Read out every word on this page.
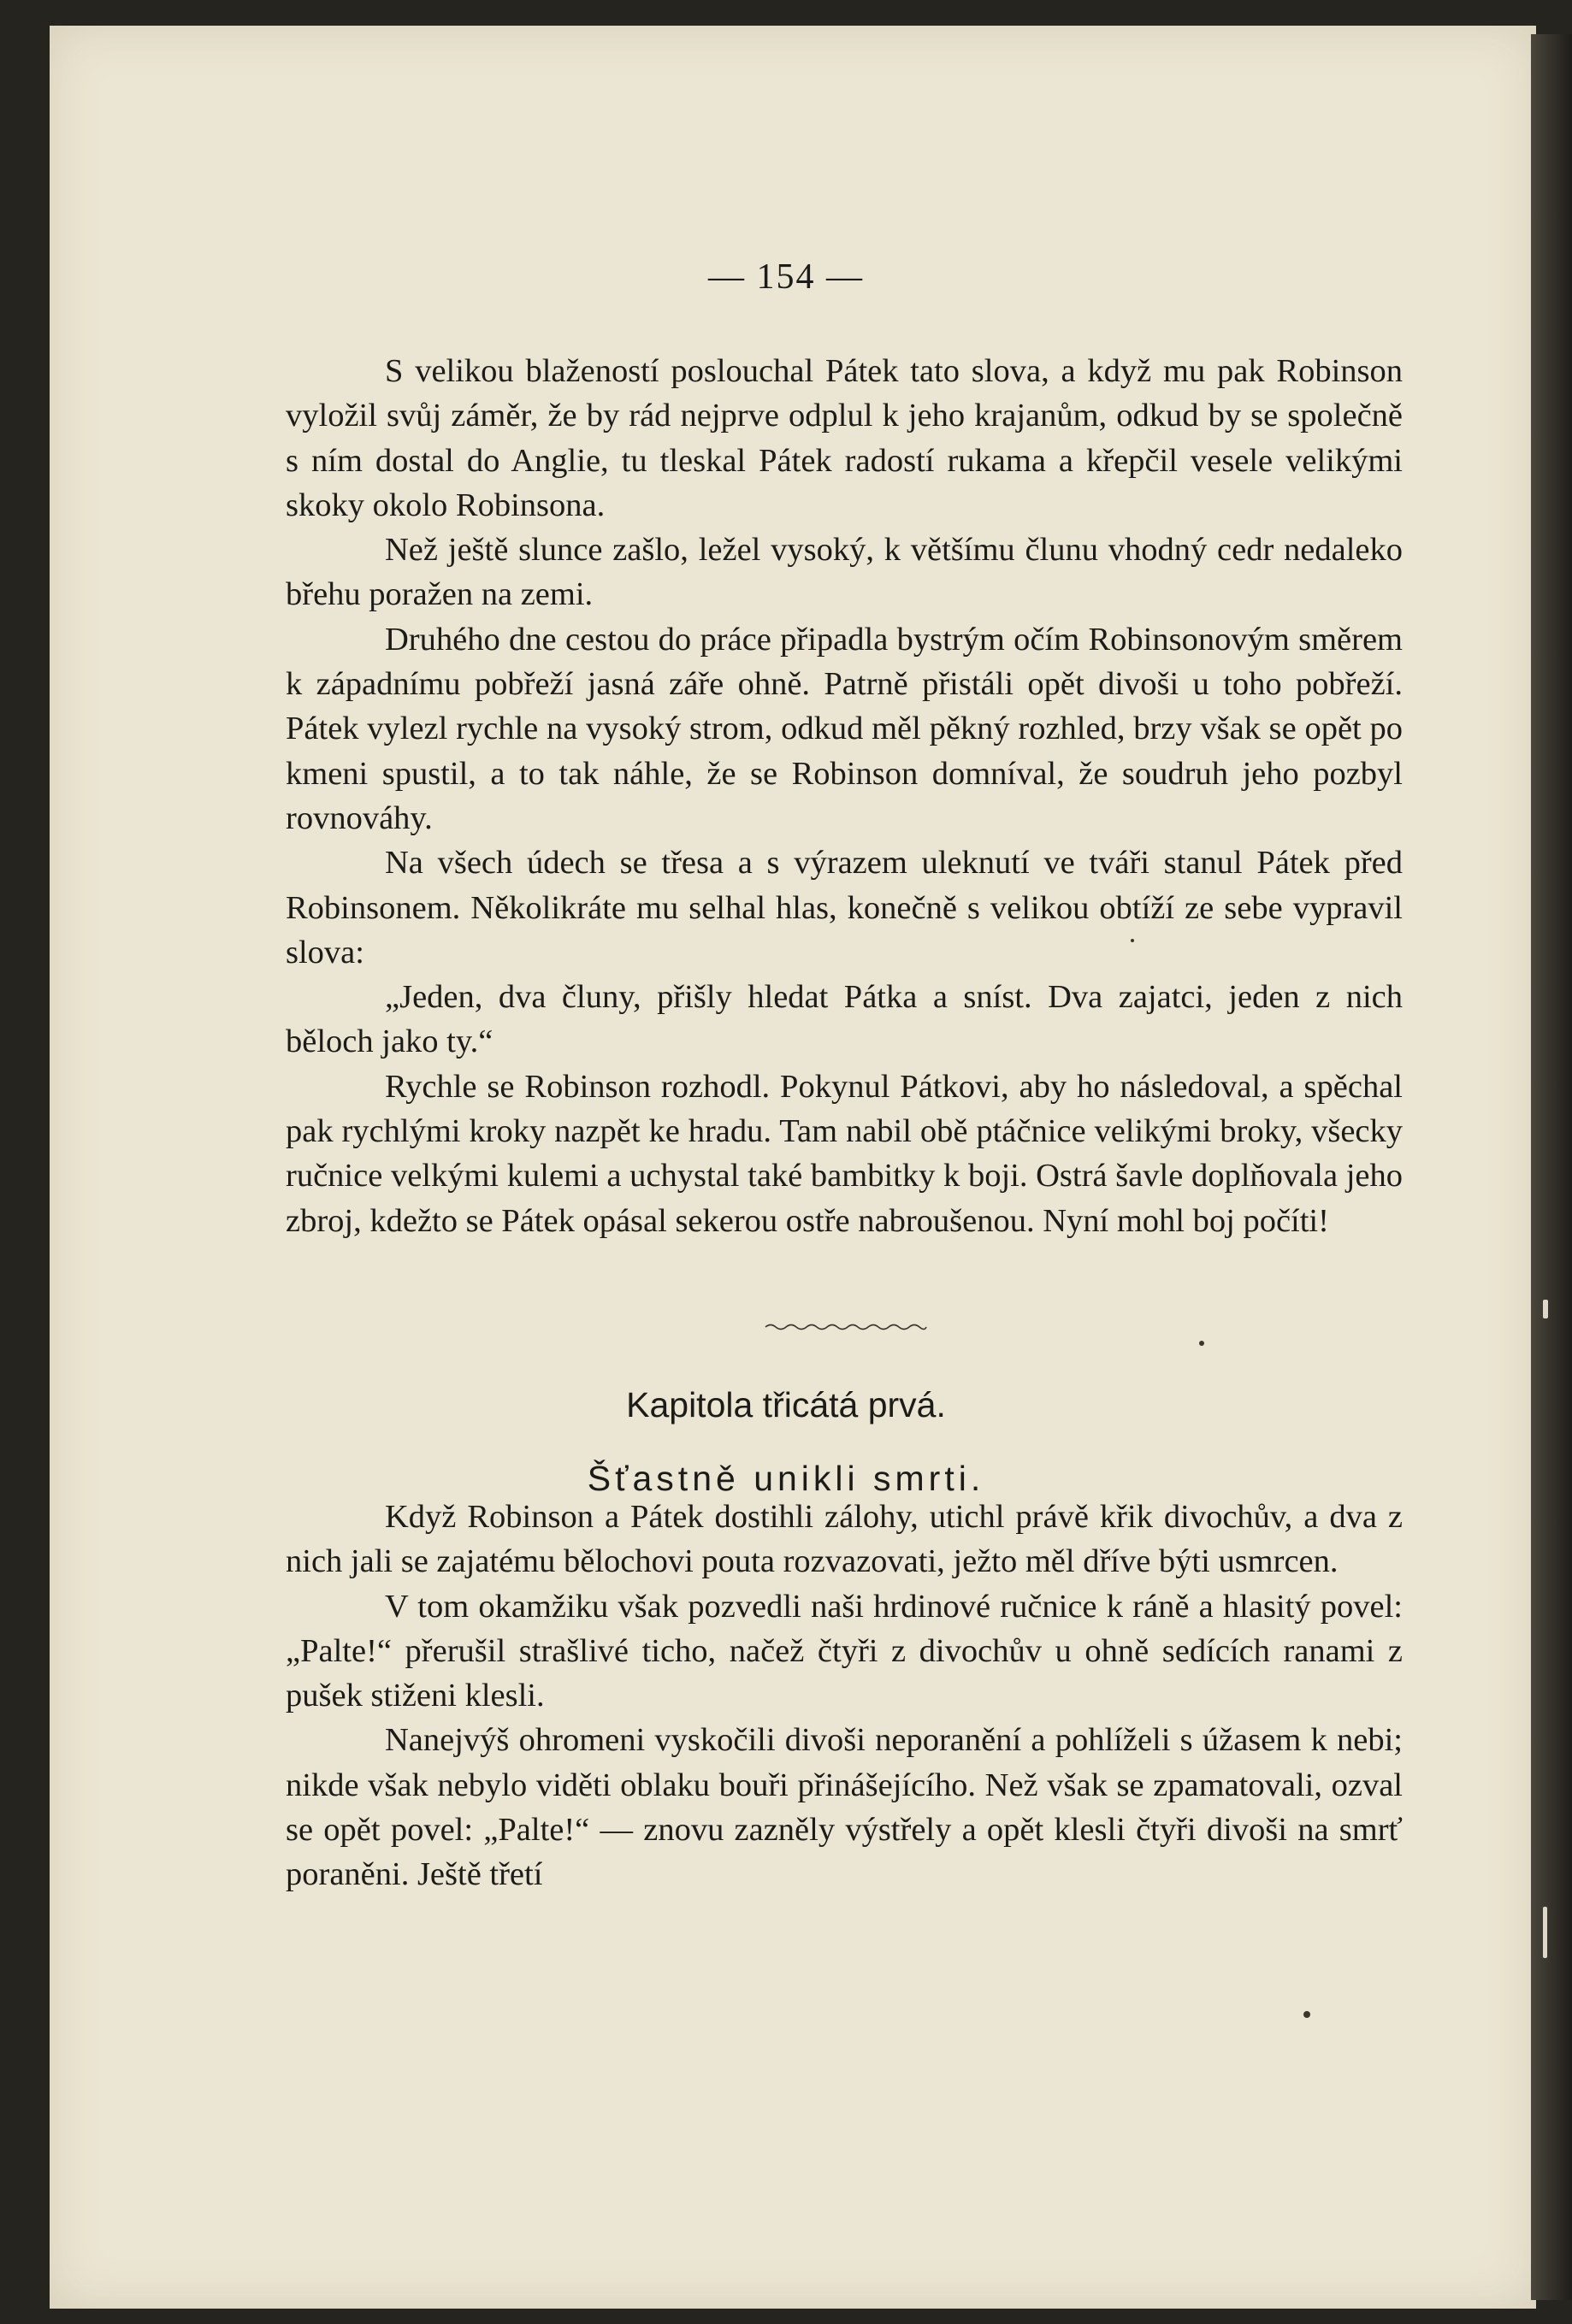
— 154 —

S velikou blažeností poslouchal Pátek tato slova, a když mu pak Robinson vyložil svůj záměr, že by rád nejprve odplul k jeho krajanům, odkud by se společně s ním dostal do Anglie, tu tleskal Pátek radostí rukama a křepčil vesele velikými skoky okolo Robinsona.

Než ještě slunce zašlo, ležel vysoký, k většímu člunu vhodný cedr nedaleko břehu poražen na zemi.

Druhého dne cestou do práce připadla bystrým očím Robinsonovým směrem k západnímu pobřeží jasná záře ohně. Patrně přistáli opět divoši u toho pobřeží. Pátek vylezl rychle na vysoký strom, odkud měl pěkný rozhled, brzy však se opět po kmeni spustil, a to tak náhle, že se Robinson domníval, že soudruh jeho pozbyl rovnováhy.

Na všech údech se třesa a s výrazem uleknutí ve tváři stanul Pátek před Robinsonem. Několikráte mu selhal hlas, konečně s velikou obtíží ze sebe vypravil slova:

„Jeden, dva čluny, přišly hledat Pátka a sníst. Dva zajatci, jeden z nich běloch jako ty.“

Rychle se Robinson rozhodl. Pokynul Pátkovi, aby ho následoval, a spěchal pak rychlými kroky nazpět ke hradu. Tam nabil obě ptáčnice velikými broky, všecky ručnice velkými kulemi a uchystal také bambitky k boji. Ostrá šavle doplňovala jeho zbroj, kdežto se Pátek opásal sekerou ostře nabroušenou. Nyní mohl boj počíti!

Kapitola třicátá prvá.
Šťastně unikli smrti.

Když Robinson a Pátek dostihli zálohy, utichl právě křik divochův, a dva z nich jali se zajatému bělochovi pouta rozvazovati, ježto měl dříve býti usmrcen.

V tom okamžiku však pozvedli naši hrdinové ručnice k ráně a hlasitý povel: „Palte!“ přerušil strašlivé ticho, načež čtyři z divochův u ohně sedících ranami z pušek stiženi klesli.

Nanejvýš ohromeni vyskočili divoši neporanění a pohlíželi s úžasem k nebi; nikde však nebylo viděti oblaku bouři přinášejícího. Než však se zpamatovali, ozval se opět povel: „Palte!“ — znovu zazněly výstřely a opět klesli čtyři divoši na smrť poraněni. Ještě třetí
